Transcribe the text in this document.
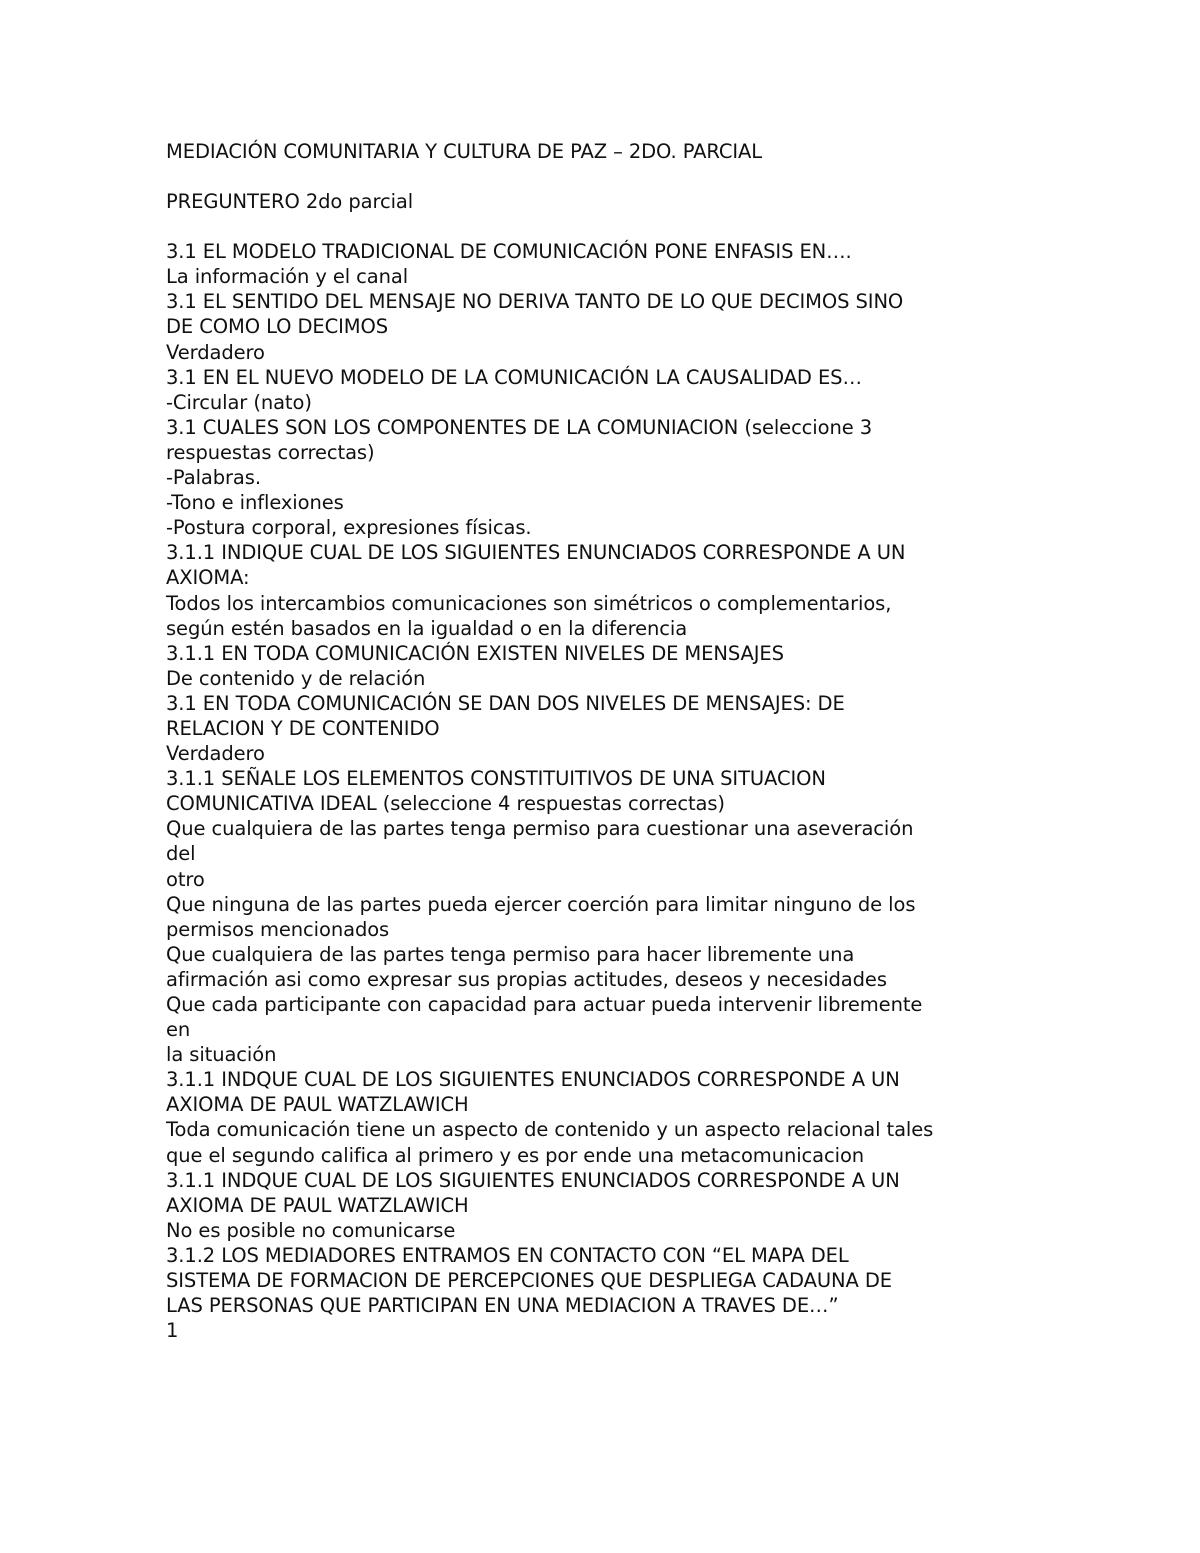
MEDIACIÓN COMUNITARIA Y CULTURA DE PAZ – 2DO. PARCIAL

PREGUNTERO 2do parcial

3.1 EL MODELO TRADICIONAL DE COMUNICACIÓN PONE ENFASIS EN….

La información y el canal

3.1 EL SENTIDO DEL MENSAJE NO DERIVA TANTO DE LO QUE DECIMOS SINO

DE COMO LO DECIMOS

Verdadero

3.1 EN EL NUEVO MODELO DE LA COMUNICACIÓN LA CAUSALIDAD ES…

-Circular (nato)

3.1 CUALES SON LOS COMPONENTES DE LA COMUNIACION (seleccione 3

respuestas correctas)

-Palabras.

-Tono e inflexiones

-Postura corporal, expresiones físicas.

3.1.1 INDIQUE CUAL DE LOS SIGUIENTES ENUNCIADOS CORRESPONDE A UN

AXIOMA:

Todos los intercambios comunicaciones son simétricos o complementarios,

según estén basados en la igualdad o en la diferencia

3.1.1 EN TODA COMUNICACIÓN EXISTEN NIVELES DE MENSAJES

De contenido y de relación

3.1 EN TODA COMUNICACIÓN SE DAN DOS NIVELES DE MENSAJES: DE

RELACION Y DE CONTENIDO

Verdadero

3.1.1 SEÑALE LOS ELEMENTOS CONSTITUITIVOS DE UNA SITUACION

COMUNICATIVA IDEAL (seleccione 4 respuestas correctas)

Que cualquiera de las partes tenga permiso para cuestionar una aseveración

del

otro

Que ninguna de las partes pueda ejercer coerción para limitar ninguno de los

permisos mencionados

Que cualquiera de las partes tenga permiso para hacer libremente una

afirmación asi como expresar sus propias actitudes, deseos y necesidades

Que cada participante con capacidad para actuar pueda intervenir libremente

en

la situación

3.1.1 INDQUE CUAL DE LOS SIGUIENTES ENUNCIADOS CORRESPONDE A UN

AXIOMA DE PAUL WATZLAWICH

Toda comunicación tiene un aspecto de contenido y un aspecto relacional tales

que el segundo califica al primero y es por ende una metacomunicacion

3.1.1 INDQUE CUAL DE LOS SIGUIENTES ENUNCIADOS CORRESPONDE A UN

AXIOMA DE PAUL WATZLAWICH

No es posible no comunicarse

3.1.2 LOS MEDIADORES ENTRAMOS EN CONTACTO CON “EL MAPA DEL

SISTEMA DE FORMACION DE PERCEPCIONES QUE DESPLIEGA CADAUNA DE

LAS PERSONAS QUE PARTICIPAN EN UNA MEDIACION A TRAVES DE…”

1
